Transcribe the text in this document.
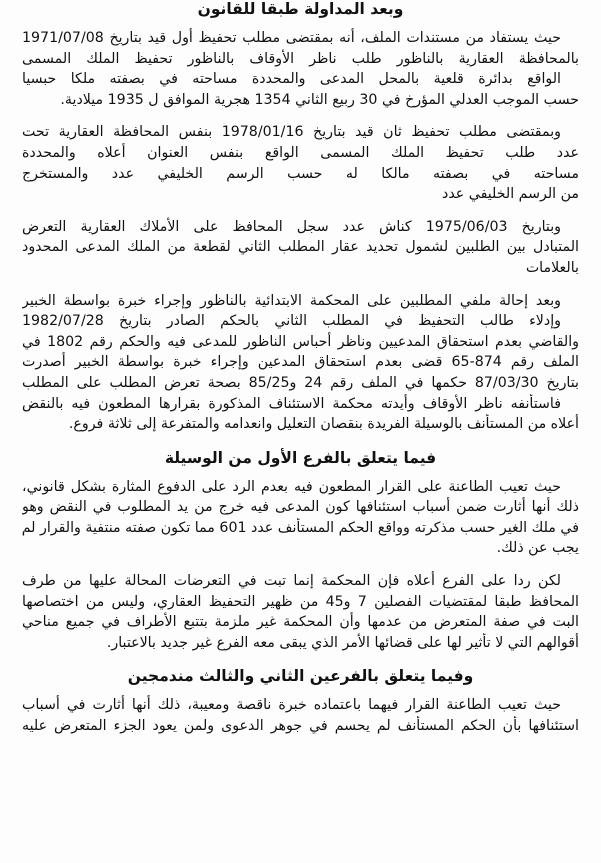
وبعد المداولة طبقا للقانون
حيث يستفاد من مستندات الملف، أنه بمقتضى مطلب تحفيظ أول قيد بتاريخ 1971/07/08
بالمحافظة العقارية بالناظور طلب ناظر الأوقاف بالناظور تحفيظ الملك المسمى
الواقع بدائرة قلعية بالمحل المدعى والمحددة مساحته في بصفته ملكا حبسيا
حسب الموجب العدلي المؤرخ في 30 ربيع الثاني 1354 هجرية الموافق ل 1935 ميلادية.
وبمقتضى مطلب تحفيظ ثان قيد بتاريخ 1978/01/16 بنفس المحافظة العقارية تحت
عدد طلب تحفيظ الملك المسمى الواقع بنفس العنوان أعلاه والمحددة
مساحته في بصفته مالكا له حسب الرسم الخليفي عدد والمستخرج
من الرسم الخليفي عدد
وبتاريخ 1975/06/03 كناش عدد سجل المحافظ على الأملاك العقارية التعرض
المتبادل بين الطلبين لشمول تحديد عقار المطلب الثاني لقطعة من الملك المدعى المحدود
بالعلامات
وبعد إحالة ملفي المطلبين على المحكمة الابتدائية بالناظور وإجراء خبرة بواسطة الخبير
وإدلاء طالب التحفيظ في المطلب الثاني بالحكم الصادر بتاريخ 1982/07/28
والقاضي بعدم استحقاق المدعيين وناظر أحباس الناظور للمدعى فيه والحكم رقم 1802 في
الملف رقم 874-65 قضى بعدم استحقاق المدعين وإجراء خبرة بواسطة الخبير أصدرت
بتاريخ 87/03/30 حكمها في الملف رقم 24 و85/25 بصحة تعرض المطلب على المطلب
فاستأنفه ناظر الأوقاف وأيدته محكمة الاستئناف المذكورة بقرارها المطعون فيه بالنقض
أعلاه من المستأنف بالوسيلة الفريدة بنقصان التعليل وانعدامه والمتفرعة إلى ثلاثة فروع.
فيما يتعلق بالفرع الأول من الوسيلة
حيث تعيب الطاعنة على القرار المطعون فيه بعدم الرد على الدفوع المثارة بشكل قانوني،
ذلك أنها أثارت ضمن أسباب استئنافها كون المدعى فيه خرج من يد المطلوب في النقض وهو
في ملك الغير حسب مذكرته وواقع الحكم المستأنف عدد 601 مما تكون صفته منتفية والقرار لم
يجب عن ذلك.
لكن ردا على الفرع أعلاه فإن المحكمة إنما تبت في التعرضات المحالة عليها من طرف
المحافظ طبقا لمقتضيات الفصلين 7 و45 من ظهير التحفيظ العقاري، وليس من اختصاصها
البت في صفة المتعرض من عدمها وأن المحكمة غير ملزمة بتتبع الأطراف في جميع مناحي
أقوالهم التي لا تأثير لها على قضائها الأمر الذي يبقى معه الفرع غير جديد بالاعتبار.
وفيما يتعلق بالفرعين الثاني والثالث مندمجين
حيث تعيب الطاعنة القرار فيهما باعتماده خبرة ناقصة ومعيبة، ذلك أنها أثارت في أسباب
استئنافها بأن الحكم المستأنف لم يحسم في جوهر الدعوى ولمن يعود الجزء المتعرض عليه
